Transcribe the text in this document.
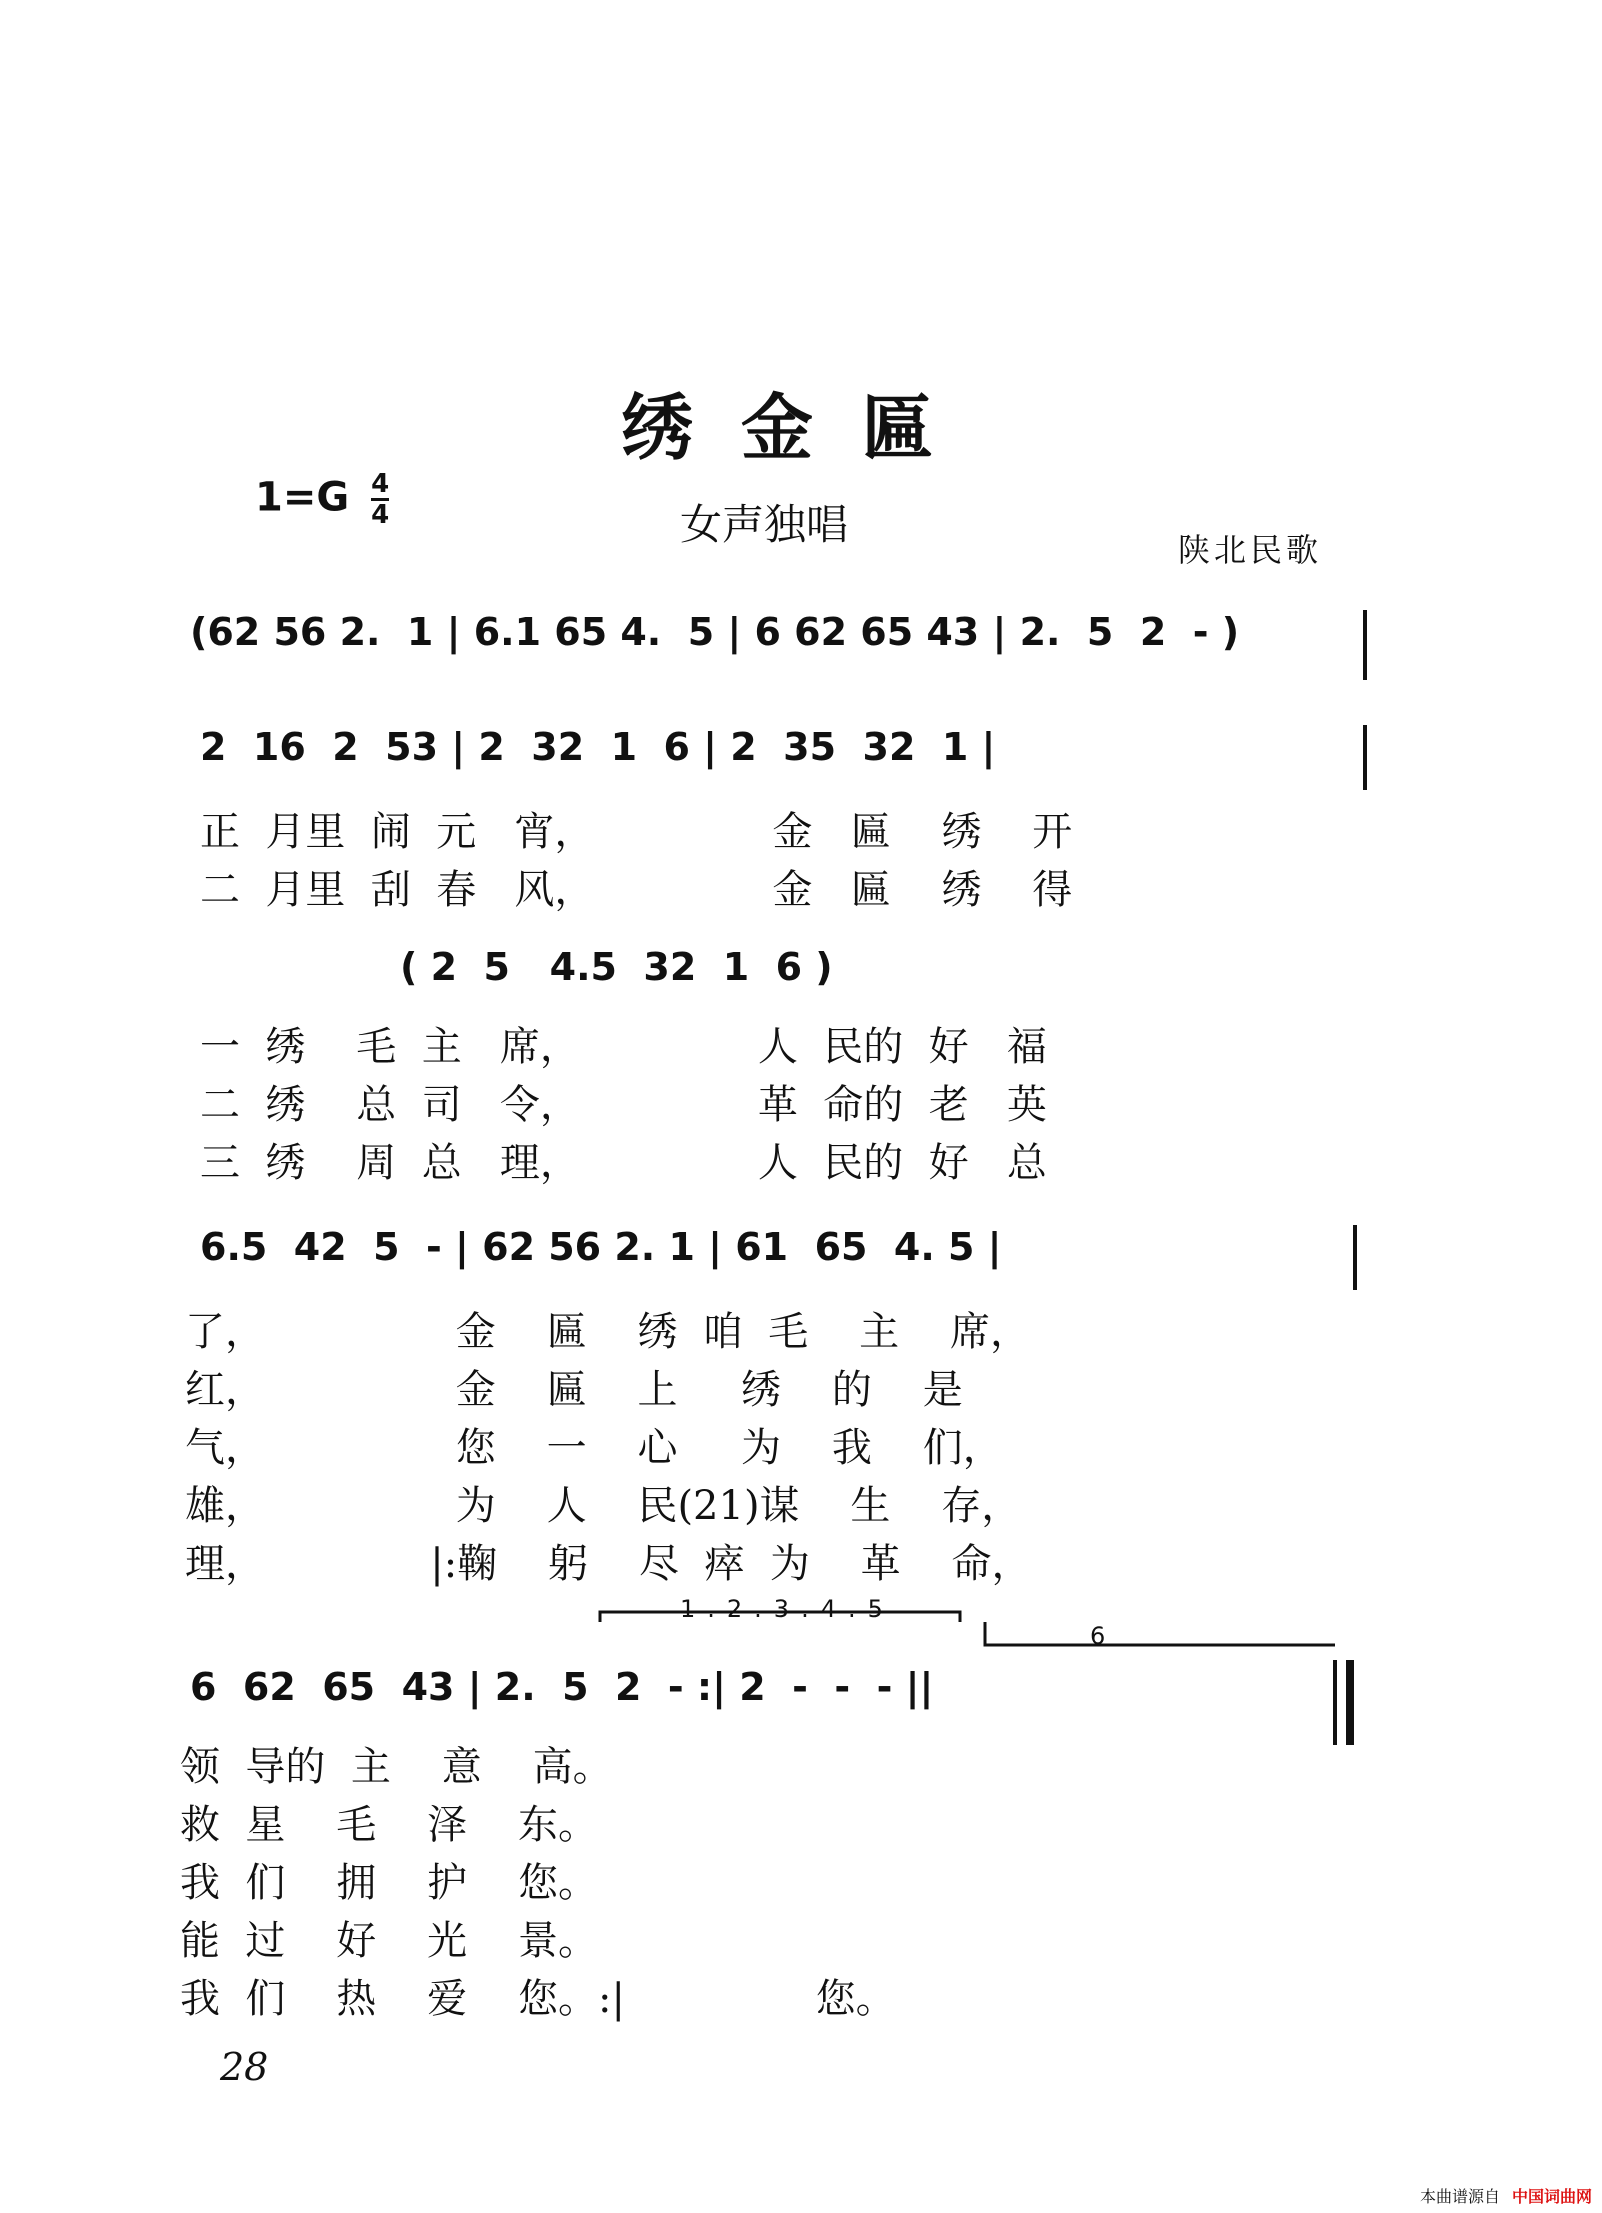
绣金匾
$1=G \frac{4}{4}$	女声独唱
陕北民歌
(62 56 2.  1 | 6.1 65 4.  5 | 6 62 65 43 | 2.  5  2  - )
2  16  2  53 | 2  32  1  6 | 2  35  32  1 |
正  月里  闹  元   宵，              金   匾    绣    开
二  月里  刮  春   风，              金   匾    绣    得
( 2  5   4.5  32  1  6 )
一  绣    毛  主   席，              人  民的  好   福
二  绣    总  司   令，              革  命的  老   英
三  绣    周  总   理，              人  民的  好   总
6.5  42  5  - | 62 56 2. 1 | 61  65  4. 5 |
了，               金    匾    绣  咱  毛    主    席，
红，               金    匾    上     绣    的    是
气，               您    一    心     为    我    们，
雄，               为    人    民(21)谋    生    存，
理，             |:鞠    躬    尽  瘁  为    革    命，
1.2.3.4.5
6
6  62  65  43 | 2.  5  2  - :| 2  -  -  - ||
领  导的  主    意    高。
救  星    毛    泽    东。
我  们    拥    护    您。
能  过    好    光    景。
我  们    热    爱    您。:|               您。
28
本曲谱源自 中国词曲网
